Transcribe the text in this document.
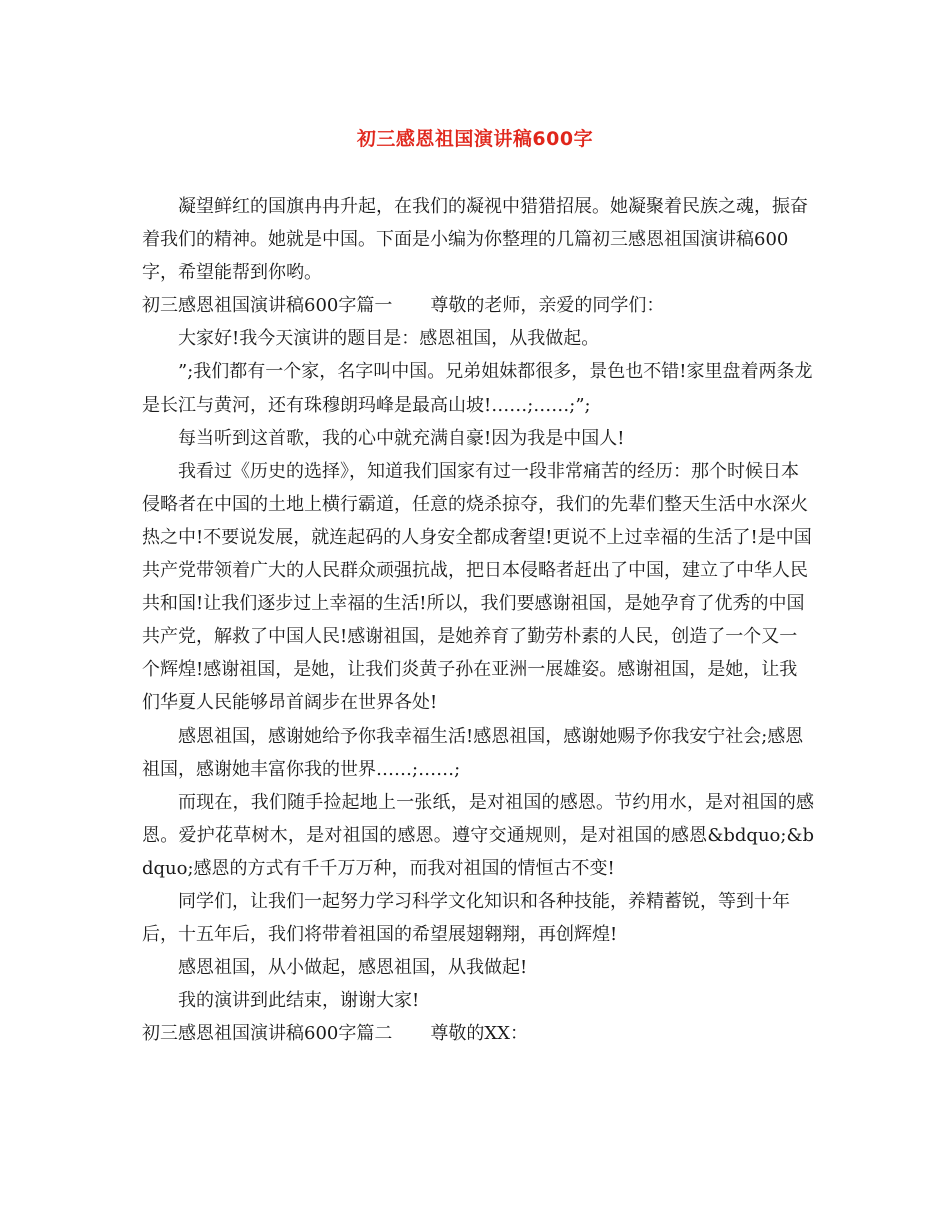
初三感恩祖国演讲稿600字

凝望鲜红的国旗冉冉升起，在我们的凝视中猎猎招展。她凝聚着民族之魂，振奋着我们的精神。她就是中国。下面是小编为你整理的几篇初三感恩祖国演讲稿600字，希望能帮到你哟。

初三感恩祖国演讲稿600字篇一 尊敬的老师，亲爱的同学们：

大家好!我今天演讲的题目是：感恩祖国，从我做起。

”;我们都有一个家，名字叫中国。兄弟姐妹都很多，景色也不错!家里盘着两条龙是长江与黄河，还有珠穆朗玛峰是最高山坡!……;……;”;

每当听到这首歌，我的心中就充满自豪!因为我是中国人!

我看过《历史的选择》，知道我们国家有过一段非常痛苦的经历：那个时候日本侵略者在中国的土地上横行霸道，任意的烧杀掠夺，我们的先辈们整天生活中水深火热之中!不要说发展，就连起码的人身安全都成奢望!更说不上过幸福的生活了!是中国共产党带领着广大的人民群众顽强抗战，把日本侵略者赶出了中国，建立了中华人民共和国!让我们逐步过上幸福的生活!所以，我们要感谢祖国，是她孕育了优秀的中国共产党，解救了中国人民!感谢祖国，是她养育了勤劳朴素的人民，创造了一个又一个辉煌!感谢祖国，是她，让我们炎黄子孙在亚洲一展雄姿。感谢祖国，是她，让我们华夏人民能够昂首阔步在世界各处!

感恩祖国，感谢她给予你我幸福生活!感恩祖国，感谢她赐予你我安宁社会;感恩祖国，感谢她丰富你我的世界……;……;

而现在，我们随手捡起地上一张纸，是对祖国的感恩。节约用水，是对祖国的感恩。爱护花草树木，是对祖国的感恩。遵守交通规则，是对祖国的感恩&bdquo;&bdquo;感恩的方式有千千万万种，而我对祖国的情恒古不变!

同学们，让我们一起努力学习科学文化知识和各种技能，养精蓄锐，等到十年后，十五年后，我们将带着祖国的希望展翅翱翔，再创辉煌!

感恩祖国，从小做起，感恩祖国，从我做起!

我的演讲到此结束，谢谢大家!

初三感恩祖国演讲稿600字篇二 尊敬的XX：
